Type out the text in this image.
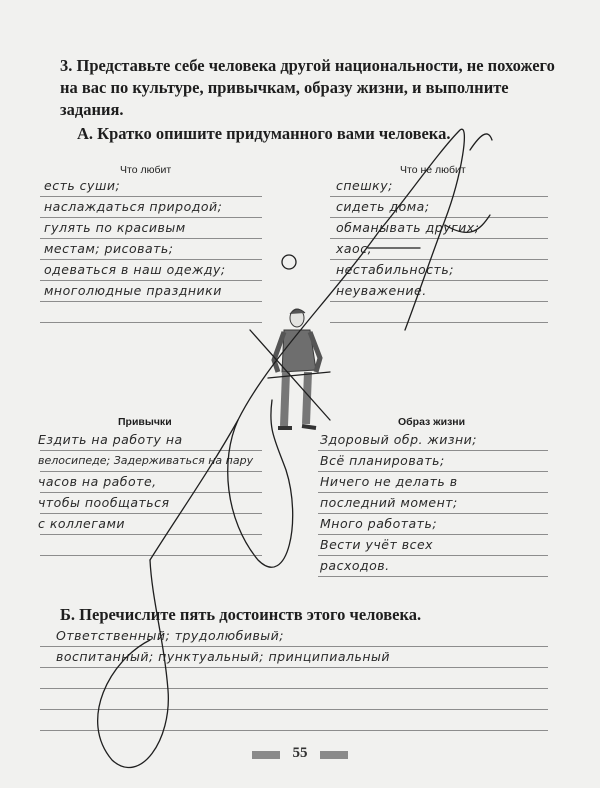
3. Представьте себе человека другой национальности, не похожего на вас по культуре, привычкам, образу жизни, и выполните задания.

А. Кратко опишите придуманного вами человека.

Что любит	Что не любит
Привычки	Образ жизни
есть суши;
наслаждаться природой;
гулять по красивым
местам; рисовать;
одеваться в наш одежду;
многолюдные праздники
спешку;
сидеть дома;
обманывать других;
хаос,
нестабильность;
неуважение.
Ездить на работу на
велосипеде; Задерживаться на пару
часов на работе,
чтобы пообщаться
с коллегами
Здоровый обр. жизни;
Всё планировать;
Ничего не делать в
последний момент;
Много работать;
Вести учёт всех
расходов.

Б. Перечислите пять достоинств этого человека.

Ответственный; трудолюбивый;
воспитанный; пунктуальный; принципиальный
55
